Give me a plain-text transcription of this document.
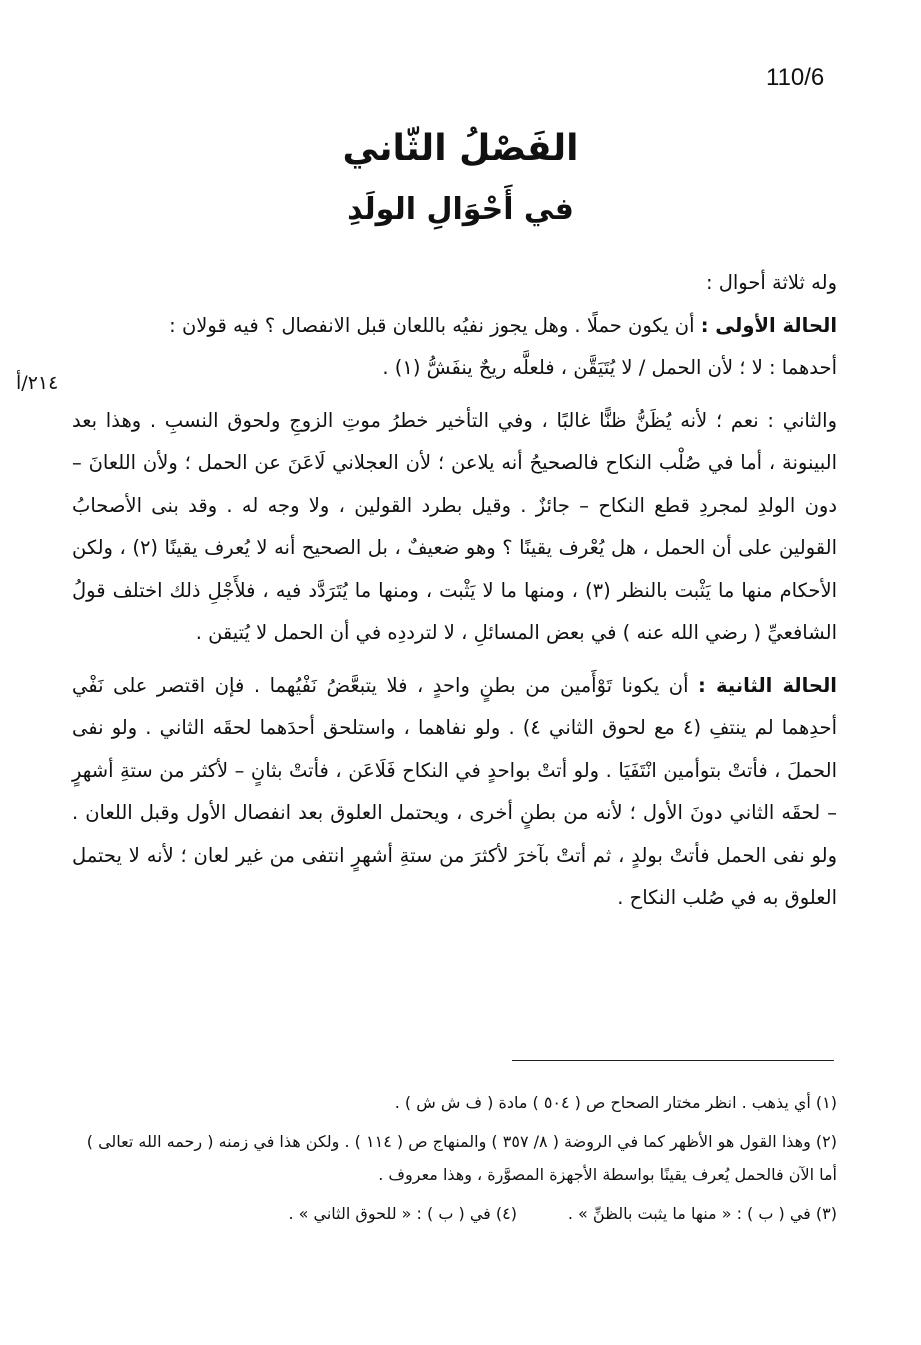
110/6
الفَصْلُ الثّاني
في أَحْوَالِ الولَدِ
٢١٤/أ

وله ثلاثة أحوال :

الحالة الأولى : أن يكون حملًا . وهل يجوز نفيُه باللعان قبل الانفصال ؟ فيه قولان :

أحدهما : لا ؛ لأن الحمل / لا يُتَيَقَّن ، فلعلَّه ريحٌ ينفَشُّ (١) .

والثاني : نعم ؛ لأنه يُظَنُّ ظنًّا غالبًا ، وفي التأخير خطرُ موتِ الزوجِ ولحوق النسبِ . وهذا بعد البينونة ، أما في صُلْب النكاح فالصحيحُ أنه يلاعن ؛ لأن العجلاني لَاعَنَ عن الحمل ؛ ولأن اللعانَ – دون الولدِ لمجردِ قطع النكاح – جائزٌ . وقيل بطرد القولين ، ولا وجه له . وقد بنى الأصحابُ القولين على أن الحمل ، هل يُعْرف يقينًا ؟ وهو ضعيفٌ ، بل الصحيح أنه لا يُعرف يقينًا (٢) ، ولكن الأحكام منها ما يَثْبت بالنظر (٣) ، ومنها ما لا يَثْبت ، ومنها ما يُتَرَدَّد فيه ، فلأَجْلِ ذلك اختلف قولُ الشافعيِّ ( رضي الله عنه ) في بعض المسائلِ ، لا لترددِه في أن الحمل لا يُتيقن .

الحالة الثانية : أن يكونا تَوْأَمين من بطنٍ واحدٍ ، فلا يتبعَّضُ نَفْيُهما . فإن اقتصر على نَفْي أحدِهما لم ينتفِ (٤ مع لحوق الثاني ٤) . ولو نفاهما ، واستلحق أحدَهما لحقَه الثاني . ولو نفى الحملَ ، فأتتْ بتوأمين انْتَفَيَا . ولو أتتْ بواحدٍ في النكاح فَلَاعَن ، فأتتْ بثانٍ – لأكثر من ستةِ أشهرٍ – لحقَه الثاني دونَ الأول ؛ لأنه من بطنٍ أخرى ، ويحتمل العلوق بعد انفصال الأول وقبل اللعان . ولو نفى الحمل فأتتْ بولدٍ ، ثم أتتْ بآخرَ لأكثرَ من ستةِ أشهرٍ انتفى من غير لعان ؛ لأنه لا يحتمل العلوق به في صُلب النكاح .

(١) أي يذهب . انظر مختار الصحاح ص ( ٥٠٤ ) مادة ( ف ش ش ) .

(٢) وهذا القول هو الأظهر كما في الروضة ( ٨/ ٣٥٧ ) والمنهاج ص ( ١١٤ ) . ولكن هذا في زمنه ( رحمه الله تعالى ) أما الآن فالحمل يُعرف يقينًا بواسطة الأجهزة المصوَّرة ، وهذا معروف .

(٣) في ( ب ) : « منها ما يثبت بالظنِّ » .
(٤) في ( ب ) : « للحوق الثاني » .
